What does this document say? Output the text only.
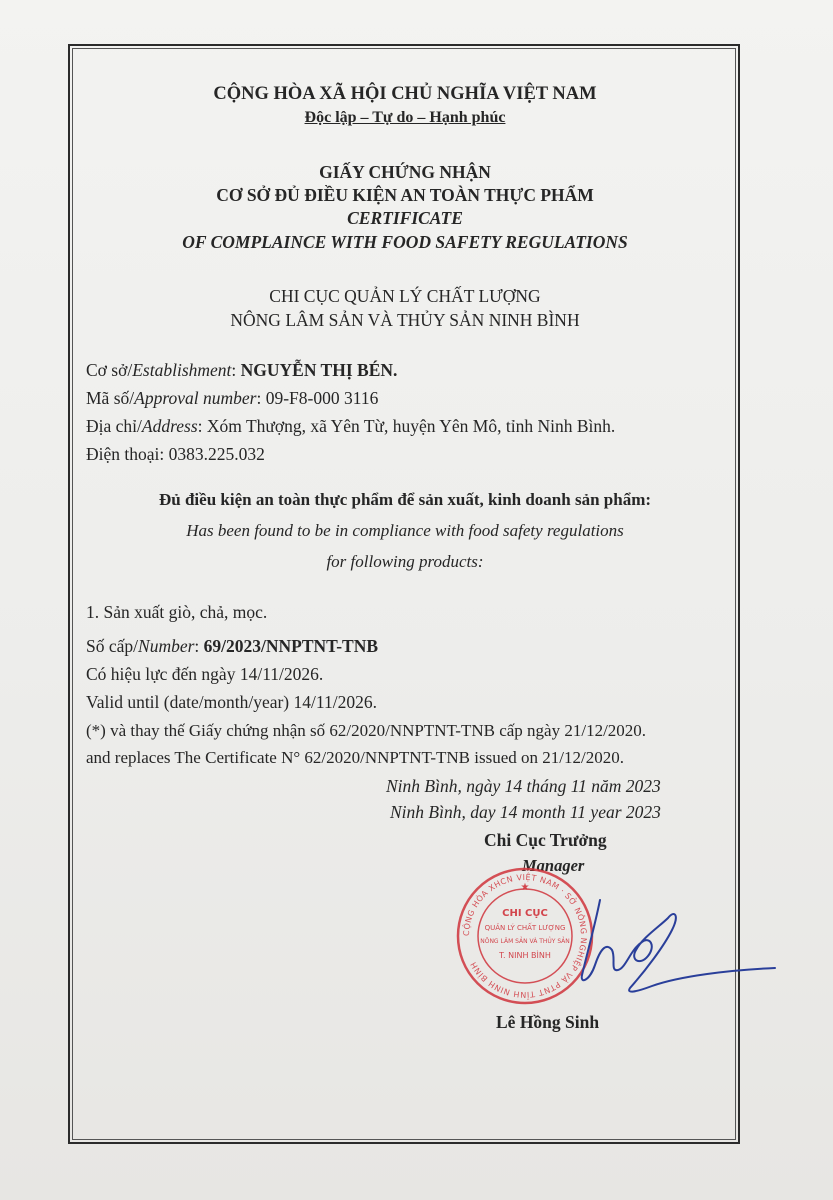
CỘNG HÒA XÃ HỘI CHỦ NGHĨA VIỆT NAM
Độc lập – Tự do – Hạnh phúc
GIẤY CHỨNG NHẬN
CƠ SỞ ĐỦ ĐIỀU KIỆN AN TOÀN THỰC PHẨM
CERTIFICATE
OF COMPLAINCE WITH FOOD SAFETY REGULATIONS
CHI CỤC QUẢN LÝ CHẤT LƯỢNG
NÔNG LÂM SẢN VÀ THỦY SẢN NINH BÌNH
Cơ sở/Establishment: NGUYỄN THỊ BÉN.
Mã số/Approval number: 09-F8-000 3116
Địa chỉ/Address: Xóm Thượng, xã Yên Từ, huyện Yên Mô, tỉnh Ninh Bình.
Điện thoại: 0383.225.032
Đủ điều kiện an toàn thực phẩm để sản xuất, kinh doanh sản phẩm:
Has been found to be in compliance with food safety regulations
for following products:
1. Sản xuất giò, chả, mọc.
Số cấp/Number: 69/2023/NNPTNT-TNB
Có hiệu lực đến ngày 14/11/2026.
Valid until (date/month/year) 14/11/2026.
(*) và thay thế Giấy chứng nhận số 62/2020/NNPTNT-TNB cấp ngày 21/12/2020.
and replaces The Certificate N° 62/2020/NNPTNT-TNB issued on 21/12/2020.
Ninh Bình, ngày 14 tháng 11 năm 2023
Ninh Bình, day 14 month 11 year 2023
Chi Cục Trưởng
Manager
CỘNG HÒA XHCN VIỆT NAM · SỞ NÔNG NGHIỆP VÀ PTNT TỈNH NINH BÌNH
CHI CỤC
QUẢN LÝ CHẤT LƯỢNG
NÔNG LÂM SẢN VÀ THỦY SẢN
T. NINH BÌNH
★
Lê Hồng Sinh
